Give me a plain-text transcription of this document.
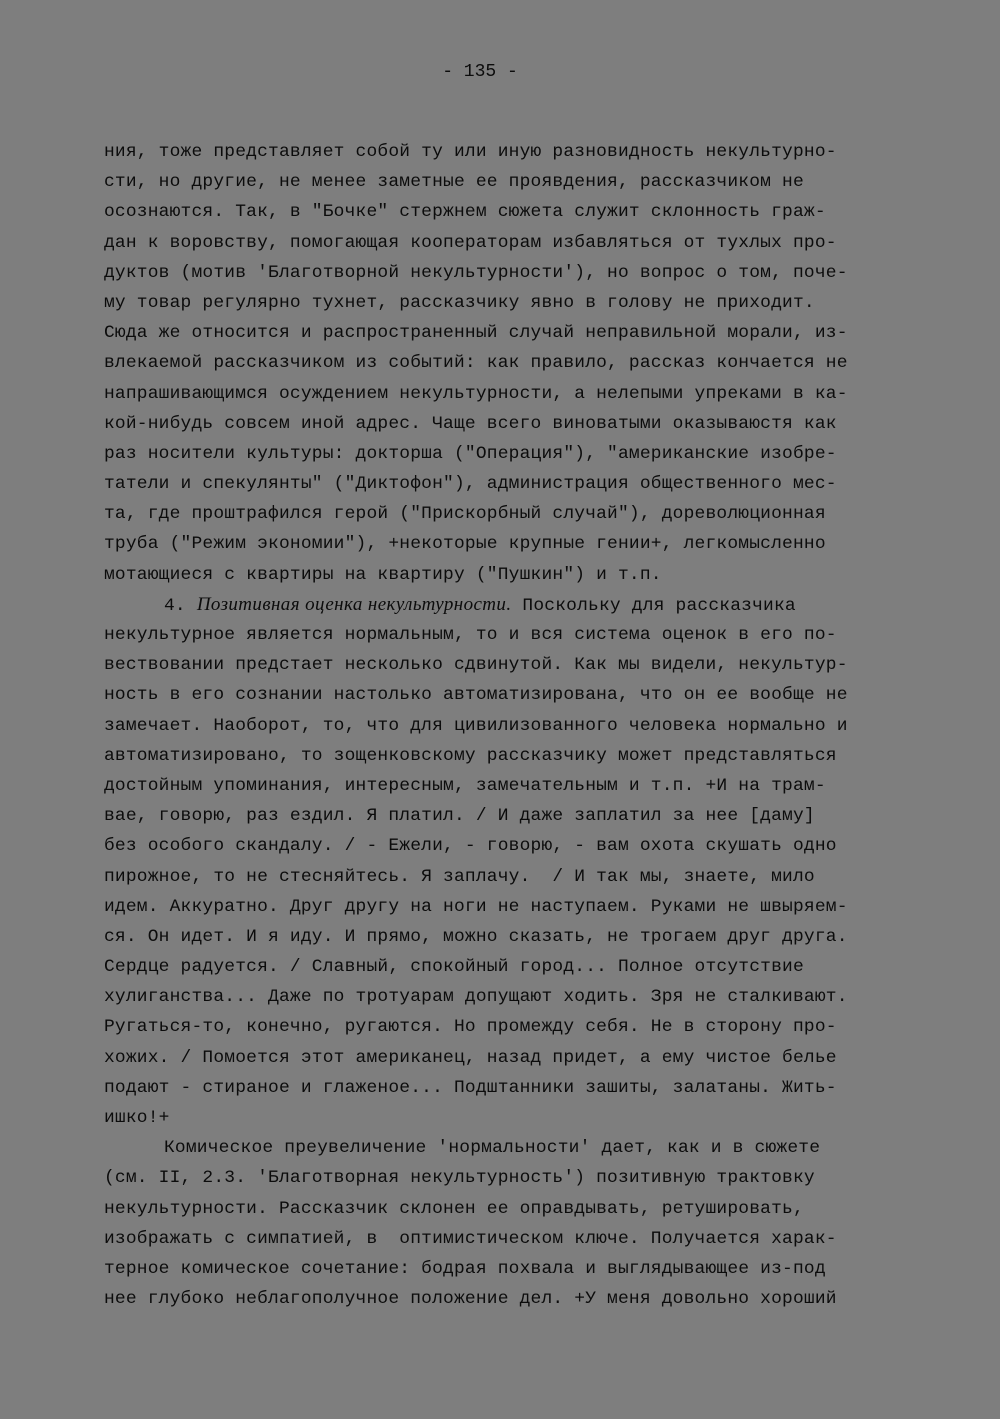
- 135 -
ния, тоже представляет собой ту или иную разновидность некультурно-
сти, но другие, не менее заметные ее проявдения, рассказчиком не
осознаются. Так, в "Бочке" стержнем сюжета служит склонность граж-
дан к воровству, помогающая кооператорам избавляться от тухлых про-
дуктов (мотив 'Благотворной некультурности'), но вопрос о том, поче-
му товар регулярно тухнет, рассказчику явно в голову не приходит.
Сюда же относится и распространенный случай неправильной морали, из-
влекаемой рассказчиком из событий: как правило, рассказ кончается не
напрашивающимся осуждением некультурности, а нелепыми упреками в ка-
кой-нибудь совсем иной адрес. Чаще всего виноватыми оказываюстя как
раз носители культуры: докторша ("Операция"), "американские изобре-
татели и спекулянты" ("Диктофон"), администрация общественного мес-
та, где проштрафился герой ("Прискорбный случай"), дореволюционная
труба ("Режим экономии"), +некоторые крупные гении+, легкомысленно
мотающиеся с квартиры на квартиру ("Пушкин") и т.п.
4. Позитивная оценка некультурности. Поскольку для рассказчика
некультурное является нормальным, то и вся система оценок в его по-
вествовании предстает несколько сдвинутой. Как мы видели, некультур-
ность в его сознании настолько автоматизирована, что он ее вообще не
замечает. Наоборот, то, что для цивилизованного человека нормально и
автоматизировано, то зощенковскому рассказчику может представляться
достойным упоминания, интересным, замечательным и т.п. +И на трам-
вае, говорю, раз ездил. Я платил. / И даже заплатил за нее [даму]
без особого скандалу. / - Ежели, - говорю, - вам охота скушать одно
пирожное, то не стесняйтесь. Я заплачу.  / И так мы, знаете, мило
идем. Аккуратно. Друг другу на ноги не наступаем. Руками не швыряем-
ся. Он идет. И я иду. И прямо, можно сказать, не трогаем друг друга.
Сердце радуется. / Славный, спокойный город... Полное отсутствие
хулиганства... Даже по тротуарам допущают ходить. Зря не сталкивают.
Ругаться-то, конечно, ругаются. Но промежду себя. Не в сторону про-
хожих. / Помоется этот американец, назад придет, а ему чистое белье
подают - стираное и глаженое... Подштанники зашиты, залатаны. Жить-
ишко!+
Комическое преувеличение 'нормальности' дает, как и в сюжете
(см. II, 2.3. 'Благотворная некультурность') позитивную трактовку
некультурности. Рассказчик склонен ее оправдывать, ретушировать,
изображать с симпатией, в  оптимистическом ключе. Получается харак-
терное комическое сочетание: бодрая похвала и выглядывающее из-под
нее глубоко неблагополучное положение дел. +У меня довольно хороший
